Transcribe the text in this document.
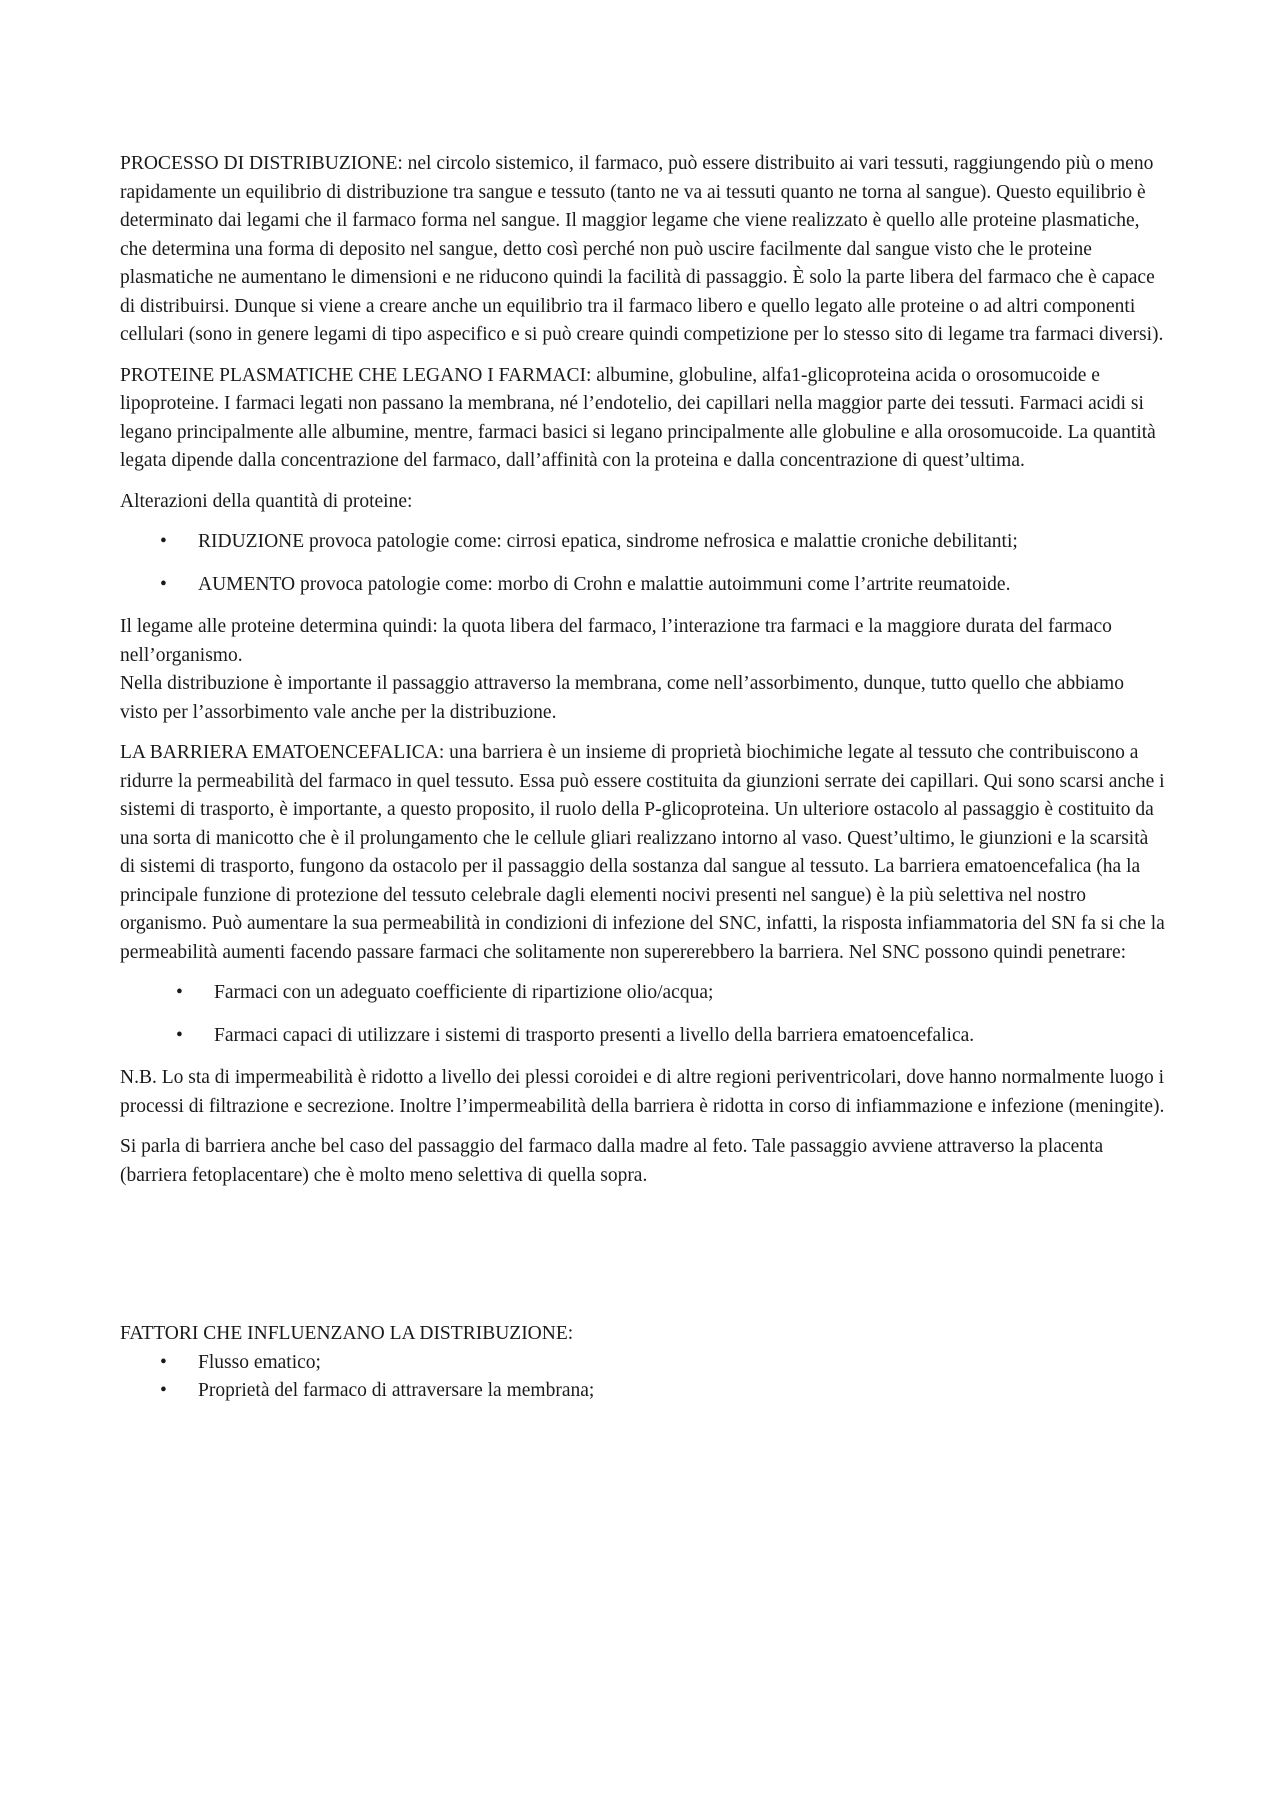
PROCESSO DI DISTRIBUZIONE: nel circolo sistemico, il farmaco, può essere distribuito ai vari tessuti, raggiungendo più o meno rapidamente un equilibrio di distribuzione tra sangue e tessuto (tanto ne va ai tessuti quanto ne torna al sangue). Questo equilibrio è determinato dai legami che il farmaco forma nel sangue. Il maggior legame che viene realizzato è quello alle proteine plasmatiche, che determina una forma di deposito nel sangue, detto così perché non può uscire facilmente dal sangue visto che le proteine plasmatiche ne aumentano le dimensioni e ne riducono quindi la facilità di passaggio. È solo la parte libera del farmaco che è capace di distribuirsi. Dunque si viene a creare anche un equilibrio tra il farmaco libero e quello legato alle proteine o ad altri componenti cellulari (sono in genere legami di tipo aspecifico e si può creare quindi competizione per lo stesso sito di legame tra farmaci diversi).

PROTEINE PLASMATICHE CHE LEGANO I FARMACI: albumine, globuline, alfa1-glicoproteina acida o orosomucoide e lipoproteine. I farmaci legati non passano la membrana, né l’endotelio, dei capillari nella maggior parte dei tessuti. Farmaci acidi si legano principalmente alle albumine, mentre, farmaci basici si legano principalmente alle globuline e alla orosomucoide. La quantità legata dipende dalla concentrazione del farmaco, dall’affinità con la proteina e dalla concentrazione di quest’ultima.

Alterazioni della quantità di proteine:

• RIDUZIONE provoca patologie come: cirrosi epatica, sindrome nefrosica e malattie croniche debilitanti;
• AUMENTO provoca patologie come: morbo di Crohn e malattie autoimmuni come l’artrite reumatoide.

Il legame alle proteine determina quindi: la quota libera del farmaco, l’interazione tra farmaci e la maggiore durata del farmaco nell’organismo.
Nella distribuzione è importante il passaggio attraverso la membrana, come nell’assorbimento, dunque, tutto quello che abbiamo visto per l’assorbimento vale anche per la distribuzione.

LA BARRIERA EMATOENCEFALICA: una barriera è un insieme di proprietà biochimiche legate al tessuto che contribuiscono a ridurre la permeabilità del farmaco in quel tessuto. Essa può essere costituita da giunzioni serrate dei capillari. Qui sono scarsi anche i sistemi di trasporto, è importante, a questo proposito, il ruolo della P-glicoproteina. Un ulteriore ostacolo al passaggio è costituito da una sorta di manicotto che è il prolungamento che le cellule gliari realizzano intorno al vaso. Quest’ultimo, le giunzioni e la scarsità di sistemi di trasporto, fungono da ostacolo per il passaggio della sostanza dal sangue al tessuto. La barriera ematoencefalica (ha la principale funzione di protezione del tessuto celebrale dagli elementi nocivi presenti nel sangue) è la più selettiva nel nostro organismo. Può aumentare la sua permeabilità in condizioni di infezione del SNC, infatti, la risposta infiammatoria del SN fa si che la permeabilità aumenti facendo passare farmaci che solitamente non supererebbero la barriera. Nel SNC possono quindi penetrare:

• Farmaci con un adeguato coefficiente di ripartizione olio/acqua;
• Farmaci capaci di utilizzare i sistemi di trasporto presenti a livello della barriera ematoencefalica.

N.B. Lo sta di impermeabilità è ridotto a livello dei plessi coroidei e di altre regioni periventricolari, dove hanno normalmente luogo i processi di filtrazione e secrezione. Inoltre l’impermeabilità della barriera è ridotta in corso di infiammazione e infezione (meningite).

Si parla di barriera anche bel caso del passaggio del farmaco dalla madre al feto. Tale passaggio avviene attraverso la placenta (barriera fetoplacentare) che è molto meno selettiva di quella sopra.

FATTORI CHE INFLUENZANO LA DISTRIBUZIONE:

• Flusso ematico;
• Proprietà del farmaco di attraversare la membrana;
